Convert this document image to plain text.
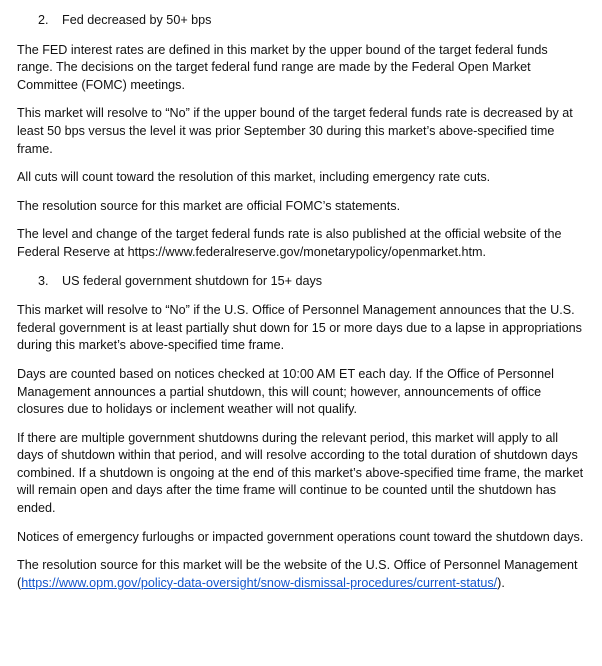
2.	Fed decreased by 50+ bps

The FED interest rates are defined in this market by the upper bound of the target federal funds range. The decisions on the target federal fund range are made by the Federal Open Market Committee (FOMC) meetings.

This market will resolve to “No” if the upper bound of the target federal funds rate is decreased by at least 50 bps versus the level it was prior September 30 during this market’s above-specified time frame.

All cuts will count toward the resolution of this market, including emergency rate cuts.

The resolution source for this market are official FOMC’s statements.

The level and change of the target federal funds rate is also published at the official website of the Federal Reserve at https://www.federalreserve.gov/monetarypolicy/openmarket.htm.

3.	US federal government shutdown for 15+ days

This market will resolve to “No” if the U.S. Office of Personnel Management announces that the U.S. federal government is at least partially shut down for 15 or more days due to a lapse in appropriations during this market’s above-specified time frame.

Days are counted based on notices checked at 10:00 AM ET each day. If the Office of Personnel Management announces a partial shutdown, this will count; however, announcements of office closures due to holidays or inclement weather will not qualify.

If there are multiple government shutdowns during the relevant period, this market will apply to all days of shutdown within that period, and will resolve according to the total duration of shutdown days combined. If a shutdown is ongoing at the end of this market’s above-specified time frame, the market will remain open and days after the time frame will continue to be counted until the shutdown has ended.

Notices of emergency furloughs or impacted government operations count toward the shutdown days.

The resolution source for this market will be the website of the U.S. Office of Personnel Management
(https://www.opm.gov/policy-data-oversight/snow-dismissal-procedures/current-status/).
